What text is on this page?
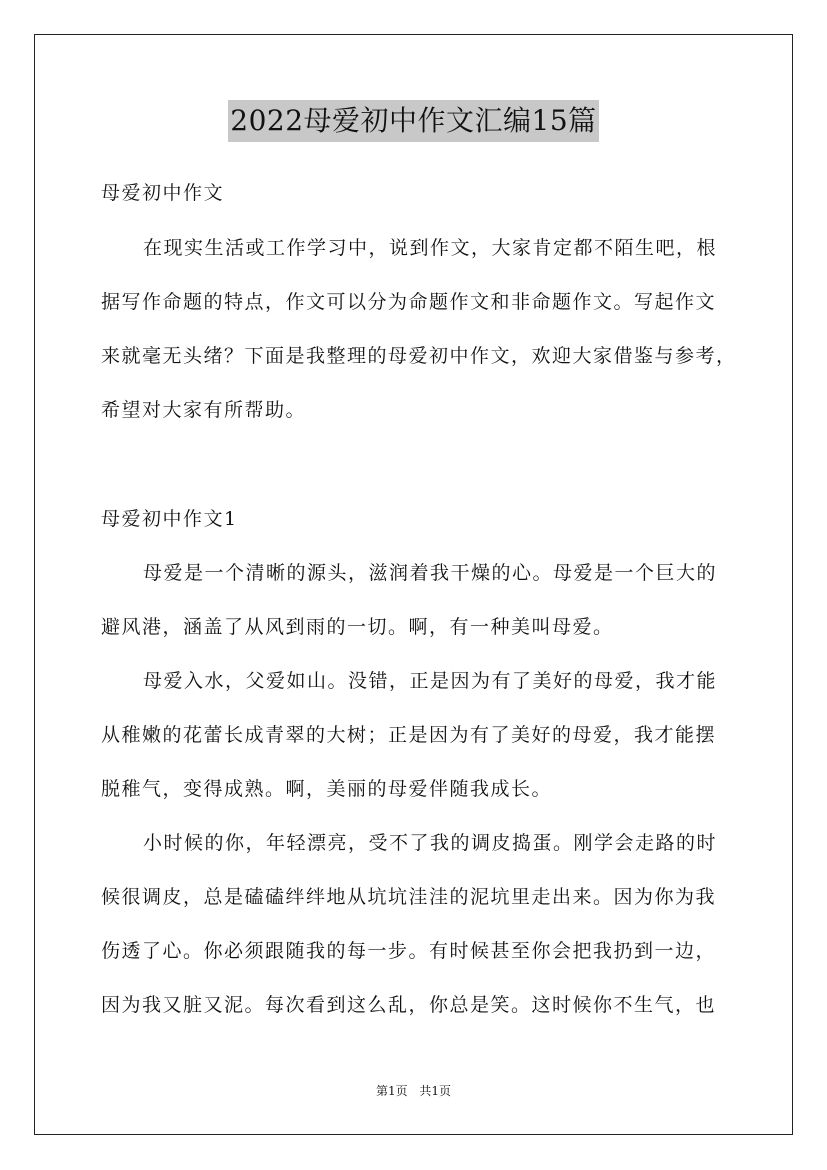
2022母爱初中作文汇编15篇
母爱初中作文
在现实生活或工作学习中，说到作文，大家肯定都不陌生吧，根
据写作命题的特点，作文可以分为命题作文和非命题作文。写起作文
来就毫无头绪？下面是我整理的母爱初中作文，欢迎大家借鉴与参考，
希望对大家有所帮助。
母爱初中作文1
母爱是一个清晰的源头，滋润着我干燥的心。母爱是一个巨大的
避风港，涵盖了从风到雨的一切。啊，有一种美叫母爱。
母爱入水，父爱如山。没错，正是因为有了美好的母爱，我才能
从稚嫩的花蕾长成青翠的大树；正是因为有了美好的母爱，我才能摆
脱稚气，变得成熟。啊，美丽的母爱伴随我成长。
小时候的你，年轻漂亮，受不了我的调皮捣蛋。刚学会走路的时
候很调皮，总是磕磕绊绊地从坑坑洼洼的泥坑里走出来。因为你为我
伤透了心。你必须跟随我的每一步。有时候甚至你会把我扔到一边，
因为我又脏又泥。每次看到这么乱，你总是笑。这时候你不生气，也
第1页 共1页
